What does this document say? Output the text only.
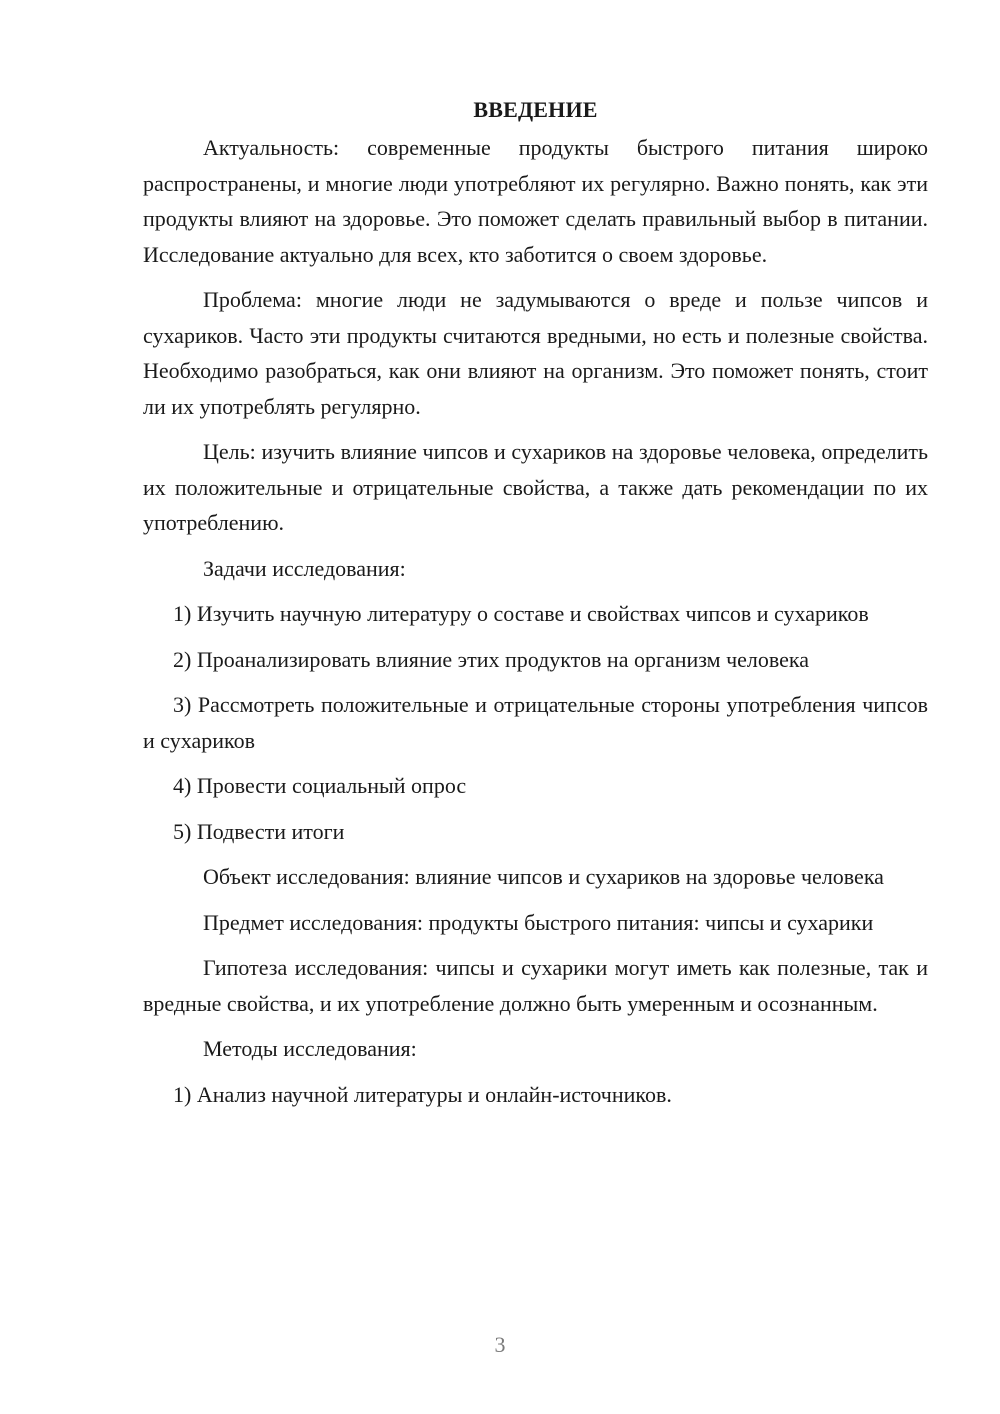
ВВЕДЕНИЕ

Актуальность: современные продукты быстрого питания широко распространены, и многие люди употребляют их регулярно. Важно понять, как эти продукты влияют на здоровье. Это поможет сделать правильный выбор в питании. Исследование актуально для всех, кто заботится о своем здоровье.

Проблема: многие люди не задумываются о вреде и пользе чипсов и сухариков. Часто эти продукты считаются вредными, но есть и полезные свойства. Необходимо разобраться, как они влияют на организм. Это поможет понять, стоит ли их употреблять регулярно.

Цель: изучить влияние чипсов и сухариков на здоровье человека, определить их положительные и отрицательные свойства, а также дать рекомендации по их употреблению.

Задачи исследования:

1) Изучить научную литературу о составе и свойствах чипсов и сухариков

2) Проанализировать влияние этих продуктов на организм человека

3) Рассмотреть положительные и отрицательные стороны употребления чипсов и сухариков

4) Провести социальный опрос

5) Подвести итоги

Объект исследования: влияние чипсов и сухариков на здоровье человека

Предмет исследования: продукты быстрого питания: чипсы и сухарики

Гипотеза исследования: чипсы и сухарики могут иметь как полезные, так и вредные свойства, и их употребление должно быть умеренным и осознанным.

Методы исследования:

1) Анализ научной литературы и онлайн-источников.

3
